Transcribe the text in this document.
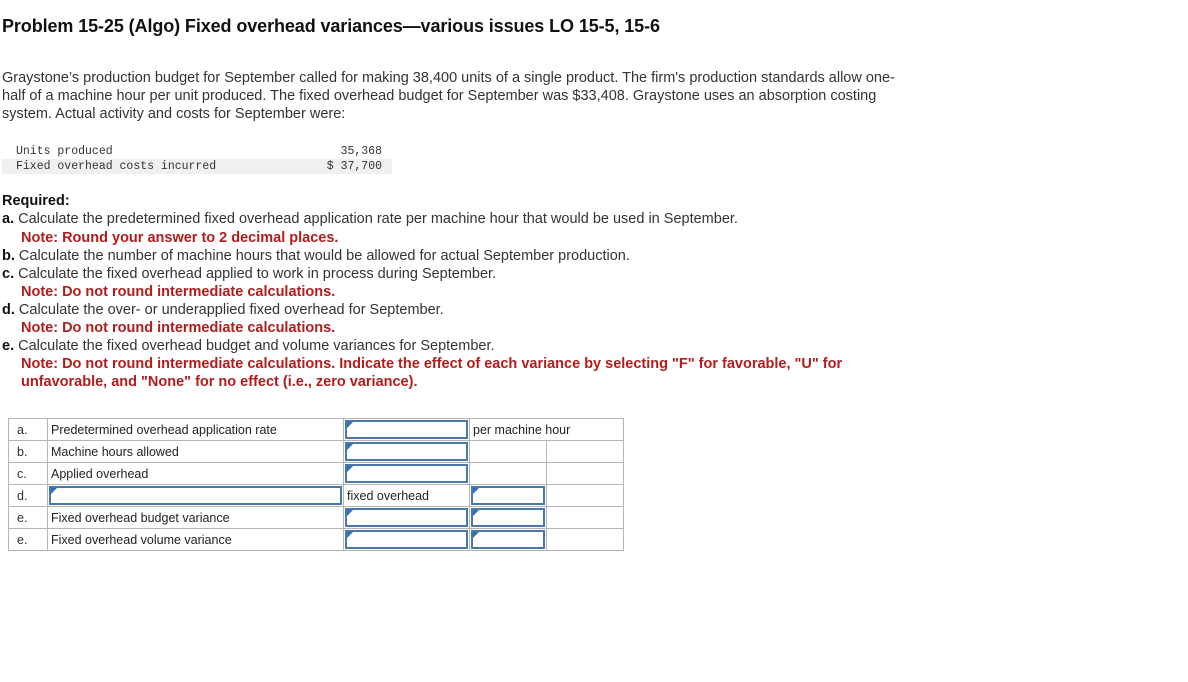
Problem 15-25 (Algo) Fixed overhead variances—various issues LO 15-5, 15-6

Graystone’s production budget for September called for making 38,400 units of a single product. The firm's production standards allow one-half of a machine hour per unit produced. The fixed overhead budget for September was $33,408. Graystone uses an absorption costing system. Actual activity and costs for September were:

Units produced	35,368
Fixed overhead costs incurred	$ 37,700

Required:

a. Calculate the predetermined fixed overhead application rate per machine hour that would be used in September.

Note: Round your answer to 2 decimal places.

b. Calculate the number of machine hours that would be allowed for actual September production.

c. Calculate the fixed overhead applied to work in process during September.

Note: Do not round intermediate calculations.

d. Calculate the over- or underapplied fixed overhead for September.

Note: Do not round intermediate calculations.

e. Calculate the fixed overhead budget and volume variances for September.

Note: Do not round intermediate calculations. Indicate the effect of each variance by selecting "F" for favorable, "U" for unfavorable, and "None" for no effect (i.e., zero variance).

a.	Predetermined overhead application rate		per machine hour	
b.	Machine hours allowed	

c.	Applied overhead	

d.		fixed overhead	

e.	Fixed overhead budget variance	

e.	Fixed overhead volume variance	
